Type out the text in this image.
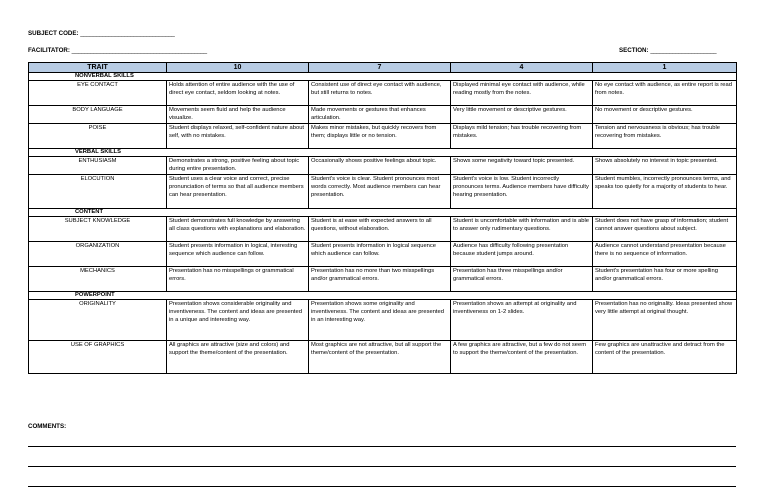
SUBJECT CODE: ______________________________
FACILITATOR: ___________________________________________	SECTION: _____________________
TRAIT	10	7	4	1
NONVERBAL SKILLS				
EYE CONTACT	Holds attention of entire audience with the use of direct eye contact, seldom looking at notes.	Consistent use of direct eye contact with audience, but still returns to notes.	Displayed minimal eye contact with audience, while reading mostly from the notes.	No eye contact with audience, as entire report is read from notes.
BODY LANGUAGE	Movements seem fluid and help the audience visualize.	Made movements or gestures that enhances articulation.	Very little movement or descriptive gestures.	No movement or descriptive gestures.
POISE	Student displays relaxed, self-confident nature about self, with no mistakes.	Makes minor mistakes, but quickly recovers from them; displays little or no tension.	Displays mild tension; has trouble recovering from mistakes.	Tension and nervousness is obvious; has trouble recovering from mistakes.
VERBAL SKILLS				
ENTHUSIASM	Demonstrates a strong, positive feeling about topic during entire presentation.	Occasionally shows positive feelings about topic.	Shows some negativity toward topic presented.	Shows absolutely no interest in topic presented.
ELOCUTION	Student uses a clear voice and correct, precise pronunciation of terms so that all audience members can hear presentation.	Student's voice is clear. Student pronounces most words correctly. Most audience members can hear presentation.	Student's voice is low. Student incorrectly pronounces terms. Audience members have difficulty hearing presentation.	Student mumbles, incorrectly pronounces terms, and speaks too quietly for a majority of students to hear.
CONTENT				
SUBJECT KNOWLEDGE	Student demonstrates full knowledge by answering all class questions with explanations and elaboration.	Student is at ease with expected answers to all questions, without elaboration.	Student is uncomfortable with information and is able to answer only rudimentary questions.	Student does not have grasp of information; student cannot answer questions about subject.
ORGANIZATION	Student presents information in logical, interesting sequence which audience can follow.	Student presents information in logical sequence which audience can follow.	Audience has difficulty following presentation because student jumps around.	Audience cannot understand presentation because there is no sequence of information.
MECHANICS	Presentation has no misspellings or grammatical errors.	Presentation has no more than two misspellings and/or grammatical errors.	Presentation has three misspellings and/or grammatical errors.	Student's presentation has four or more spelling and/or grammatical errors.
POWERPOINT				
ORIGINALITY	Presentation shows considerable originality and inventiveness. The content and ideas are presented in a unique and interesting way.	Presentation shows some originality and inventiveness. The content and ideas are presented in an interesting way.	Presentation shows an attempt at originality and inventiveness on 1-2 slides.	Presentation has no originality. Ideas presented show very little attempt at original thought.
USE OF GRAPHICS	All graphics are attractive (size and colors) and support the theme/content of the presentation.	Most graphics are not attractive, but all support the theme/content of the presentation.	A few graphics are attractive, but a few do not seem to support the theme/content of the presentation.	Few graphics are unattractive and detract from the content of the presentation.
COMMENTS:
